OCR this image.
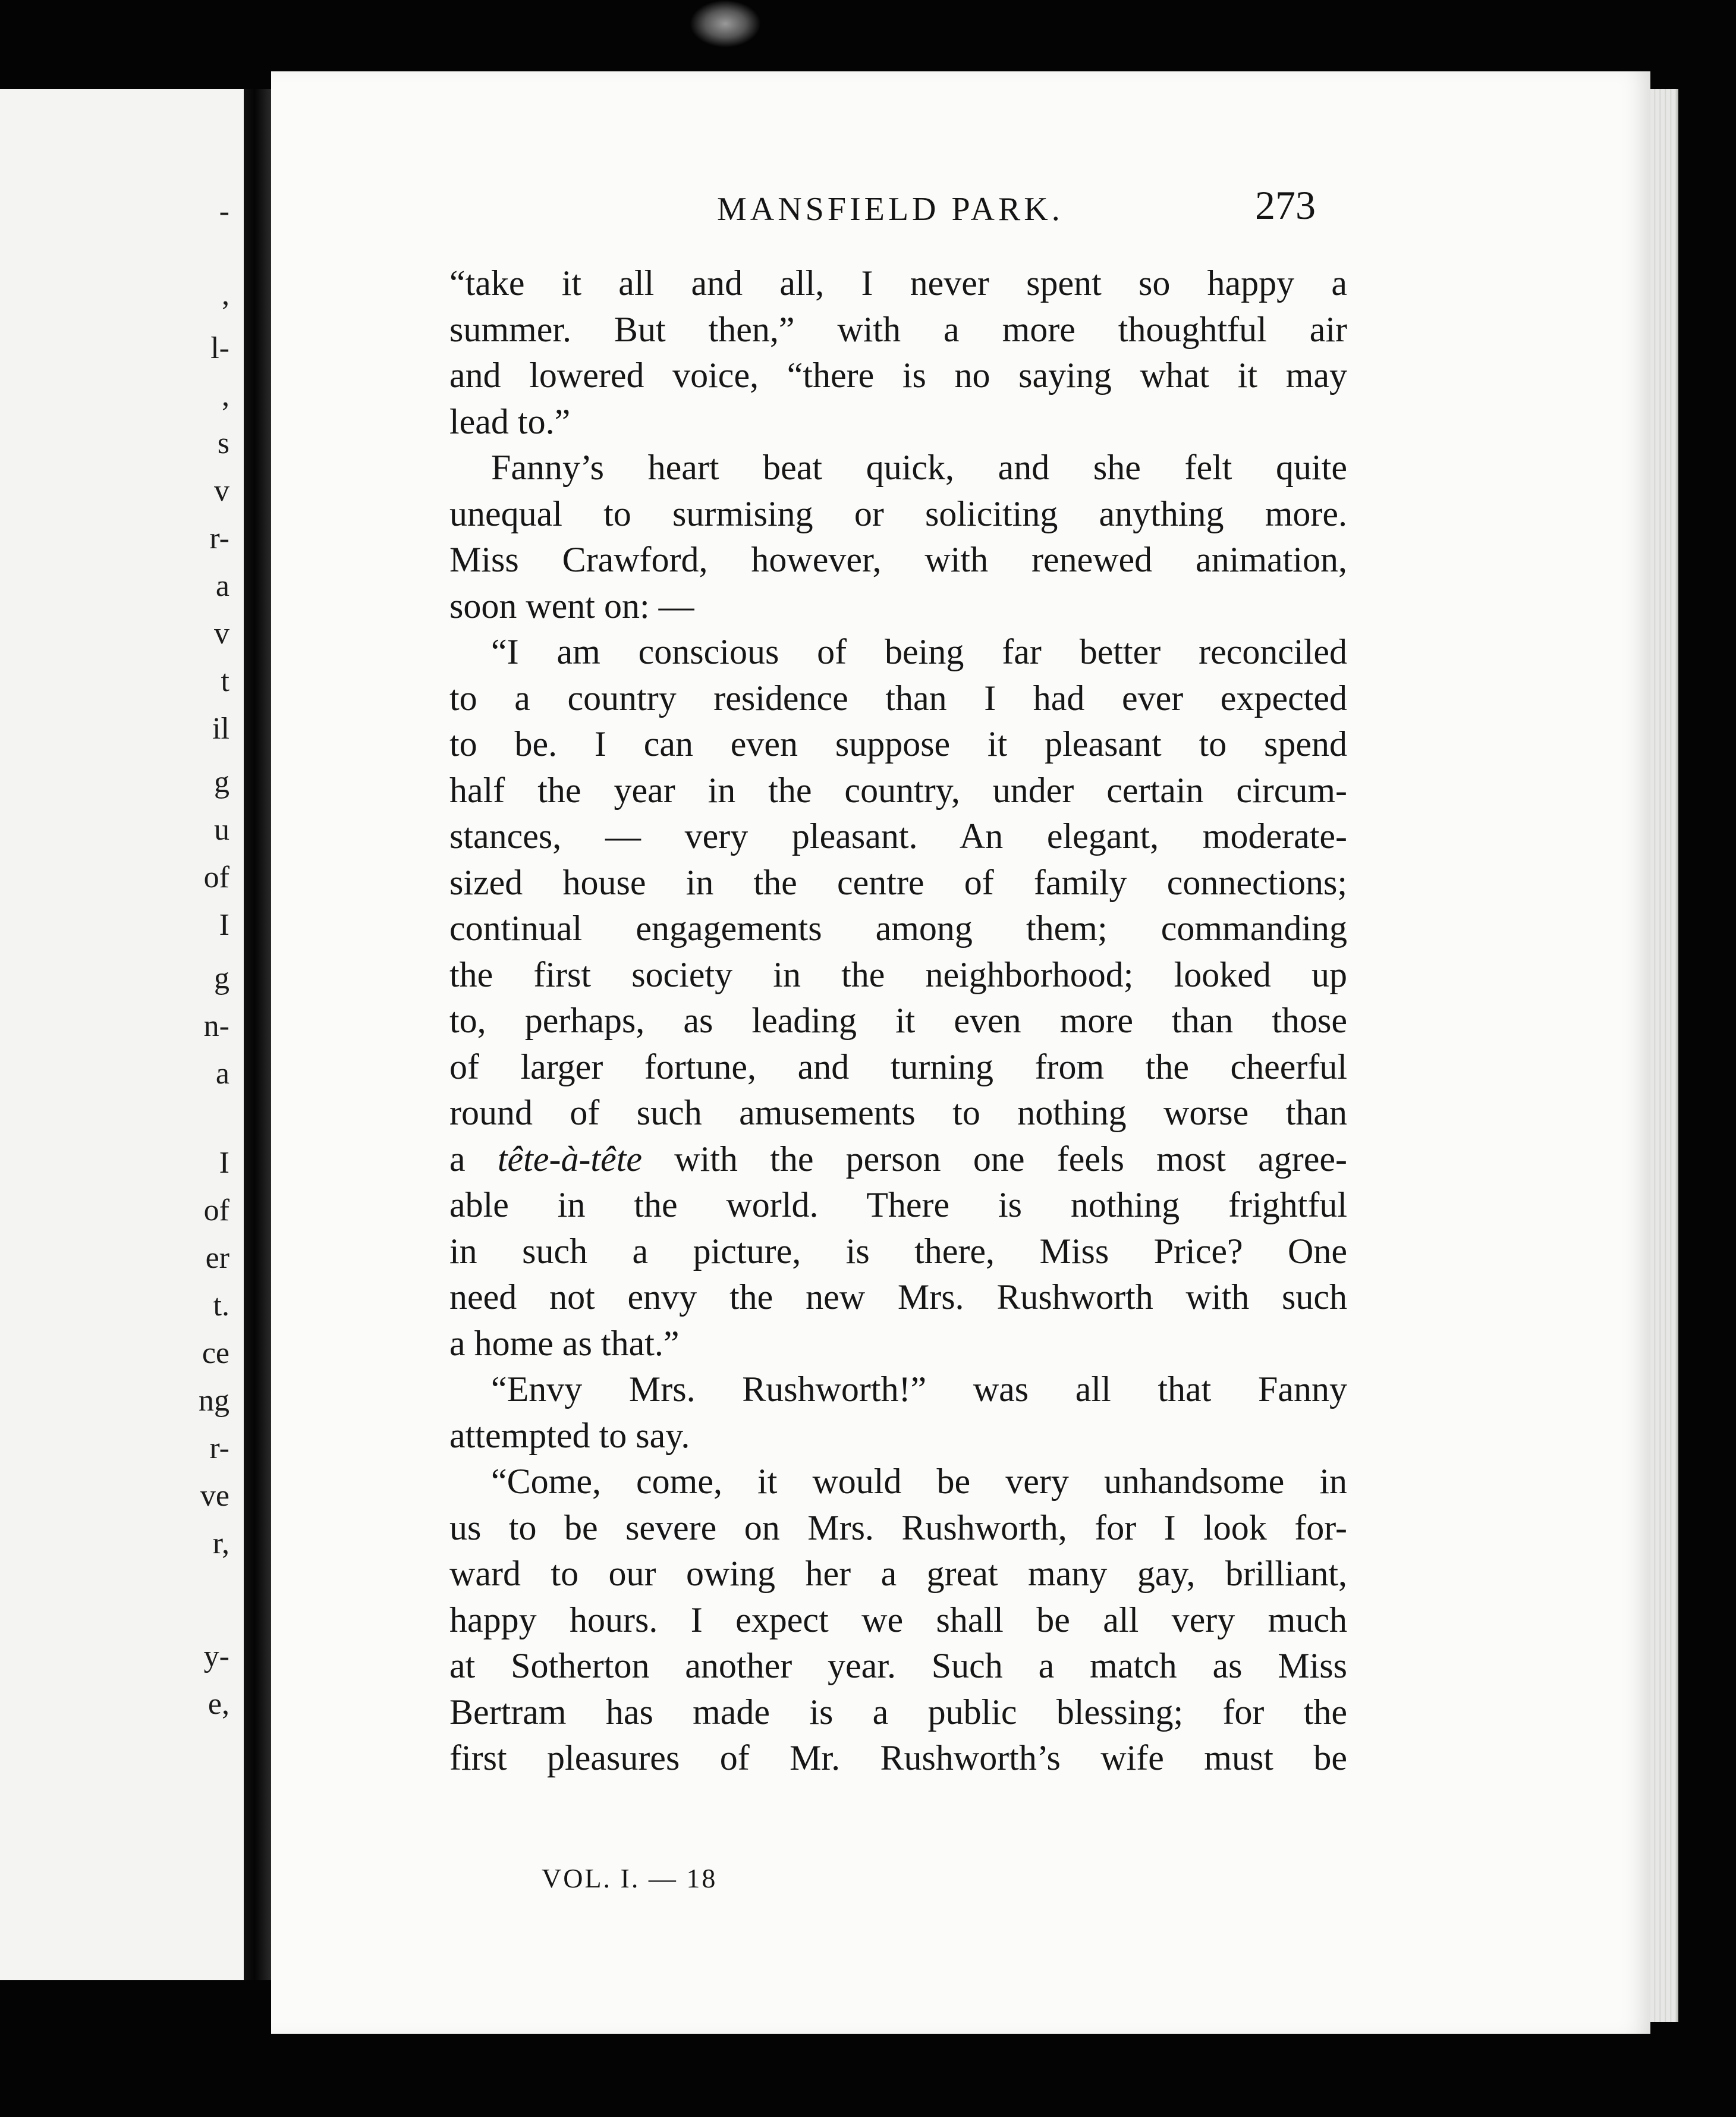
-
,
l-
,
s
v
r-
a
v
t
il
g
u
of
I
g
n-
a
I
of
er
t.
ce
ng
r-
ve
r,
y-
e,
MANSFIELD PARK.	273
“take it all and all, I never spent so happy a
summer. But then,” with a more thoughtful air
and lowered voice, “there is no saying what it may
lead to.”
Fanny’s heart beat quick, and she felt quite
unequal to surmising or soliciting anything more.
Miss Crawford, however, with renewed animation,
soon went on: —
“I am conscious of being far better reconciled
to a country residence than I had ever expected
to be. I can even suppose it pleasant to spend
half the year in the country, under certain circum-
stances, — very pleasant. An elegant, moderate-
sized house in the centre of family connections;
continual engagements among them; commanding
the first society in the neighborhood; looked up
to, perhaps, as leading it even more than those
of larger fortune, and turning from the cheerful
round of such amusements to nothing worse than
a tête-à-tête with the person one feels most agree-
able in the world. There is nothing frightful
in such a picture, is there, Miss Price? One
need not envy the new Mrs. Rushworth with such
a home as that.”
“Envy Mrs. Rushworth!” was all that Fanny
attempted to say.
“Come, come, it would be very unhandsome in
us to be severe on Mrs. Rushworth, for I look for-
ward to our owing her a great many gay, brilliant,
happy hours. I expect we shall be all very much
at Sotherton another year. Such a match as Miss
Bertram has made is a public blessing; for the
first pleasures of Mr. Rushworth’s wife must be
VOL. I. — 18
